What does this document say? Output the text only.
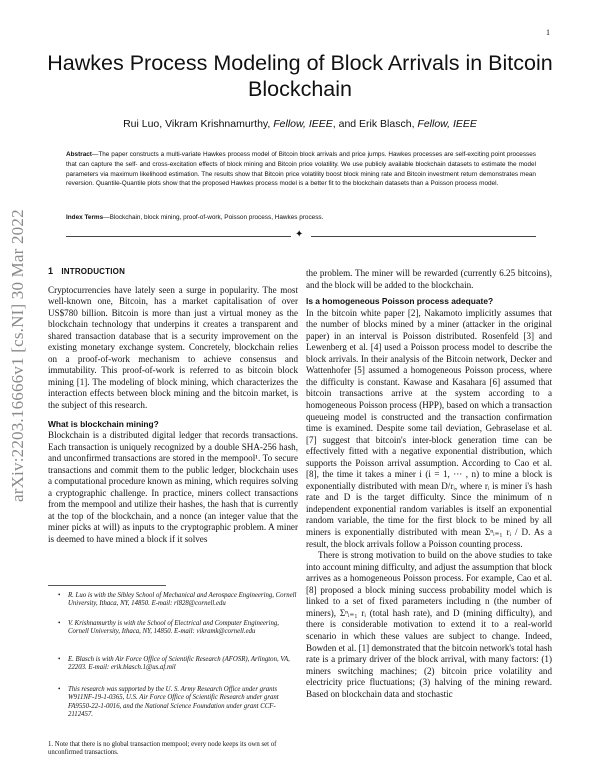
arXiv:2203.16666v1 [cs.NI] 30 Mar 2022
1
Hawkes Process Modeling of Block Arrivals in Bitcoin Blockchain
Rui Luo, Vikram Krishnamurthy, Fellow, IEEE, and Erik Blasch, Fellow, IEEE
Abstract—The paper constructs a multi-variate Hawkes process model of Bitcoin block arrivals and price jumps. Hawkes processes are self-exciting point processes that can capture the self- and cross-excitation effects of block mining and Bitcoin price volatility. We use publicly available blockchain datasets to estimate the model parameters via maximum likelihood estimation. The results show that Bitcoin price volatility boost block mining rate and Bitcoin investment return demonstrates mean reversion. Quantile-Quantile plots show that the proposed Hawkes process model is a better fit to the blockchain datasets than a Poisson process model.
Index Terms—Blockchain, block mining, proof-of-work, Poisson process, Hawkes process.
✦
1 INTRODUCTION

Cryptocurrencies have lately seen a surge in popularity. The most well-known one, Bitcoin, has a market capitalisation of over US$780 billion. Bitcoin is more than just a virtual money as the blockchain technology that underpins it creates a transparent and shared transaction database that is a security improvement on the existing monetary exchange system. Concretely, blockchain relies on a proof-of-work mechanism to achieve consensus and immutability. This proof-of-work is referred to as bitcoin block mining [1]. The modeling of block mining, which characterizes the interaction effects between block mining and the bitcoin market, is the subject of this research.

What is blockchain mining?

Blockchain is a distributed digital ledger that records transactions. Each transaction is uniquely recognized by a double SHA-256 hash, and unconfirmed transactions are stored in the mempool¹. To secure transactions and commit them to the public ledger, blockchain uses a computational procedure known as mining, which requires solving a cryptographic challenge. In practice, miners collect transactions from the mempool and utilize their hashes, the hash that is currently at the top of the blockchain, and a nonce (an integer value that the miner picks at will) as inputs to the cryptographic problem. A miner is deemed to have mined a block if it solves

• R. Luo is with the Sibley School of Mechanical and Aerospace Engineering, Cornell University, Ithaca, NY, 14850. E-mail: rl828@cornell.edu
• V. Krishnamurthy is with the School of Electrical and Computer Engineering, Cornell University, Ithaca, NY, 14850. E-mail: vikramk@cornell.edu
• E. Blasch is with Air Force Office of Scientific Research (AFOSR), Arlington, VA, 22203. E-mail: erik.blasch.1@us.af.mil
• This research was supported by the U. S. Army Research Office under grants W911NF-19-1-0365, U.S. Air Force Office of Scientific Research under grant FA9550-22-1-0016, and the National Science Foundation under grant CCF-2112457.
1. Note that there is no global transaction mempool; every node keeps its own set of unconfirmed transactions.

the problem. The miner will be rewarded (currently 6.25 bitcoins), and the block will be added to the blockchain.

Is a homogeneous Poisson process adequate?

In the bitcoin white paper [2], Nakamoto implicitly assumes that the number of blocks mined by a miner (attacker in the original paper) in an interval is Poisson distributed. Rosenfeld [3] and Lewenberg et al. [4] used a Poisson process model to describe the block arrivals. In their analysis of the Bitcoin network, Decker and Wattenhofer [5] assumed a homogeneous Poisson process, where the difficulty is constant. Kawase and Kasahara [6] assumed that bitcoin transactions arrive at the system according to a homogeneous Poisson process (HPP), based on which a transaction queueing model is constructed and the transaction confirmation time is examined. Despite some tail deviation, Gebraselase et al. [7] suggest that bitcoin's inter-block generation time can be effectively fitted with a negative exponential distribution, which supports the Poisson arrival assumption. According to Cao et al. [8], the time it takes a miner i (i = 1, ··· , n) to mine a block is exponentially distributed with mean D/rᵢ, where rᵢ is miner i's hash rate and D is the target difficulty. Since the minimum of n independent exponential random variables is itself an exponential random variable, the time for the first block to be mined by all miners is exponentially distributed with mean Σⁿᵢ₌₁ rᵢ / D. As a result, the block arrivals follow a Poisson counting process.

There is strong motivation to build on the above studies to take into account mining difficulty, and adjust the assumption that block arrives as a homogeneous Poisson process. For example, Cao et al. [8] proposed a block mining success probability model which is linked to a set of fixed parameters including n (the number of miners), Σⁿᵢ₌₁ rᵢ (total hash rate), and D (mining difficulty), and there is considerable motivation to extend it to a real-world scenario in which these values are subject to change. Indeed, Bowden et al. [1] demonstrated that the bitcoin network's total hash rate is a primary driver of the block arrival, with many factors: (1) miners switching machines; (2) bitcoin price volatility and electricity price fluctuations; (3) halving of the mining reward. Based on blockchain data and stochastic
